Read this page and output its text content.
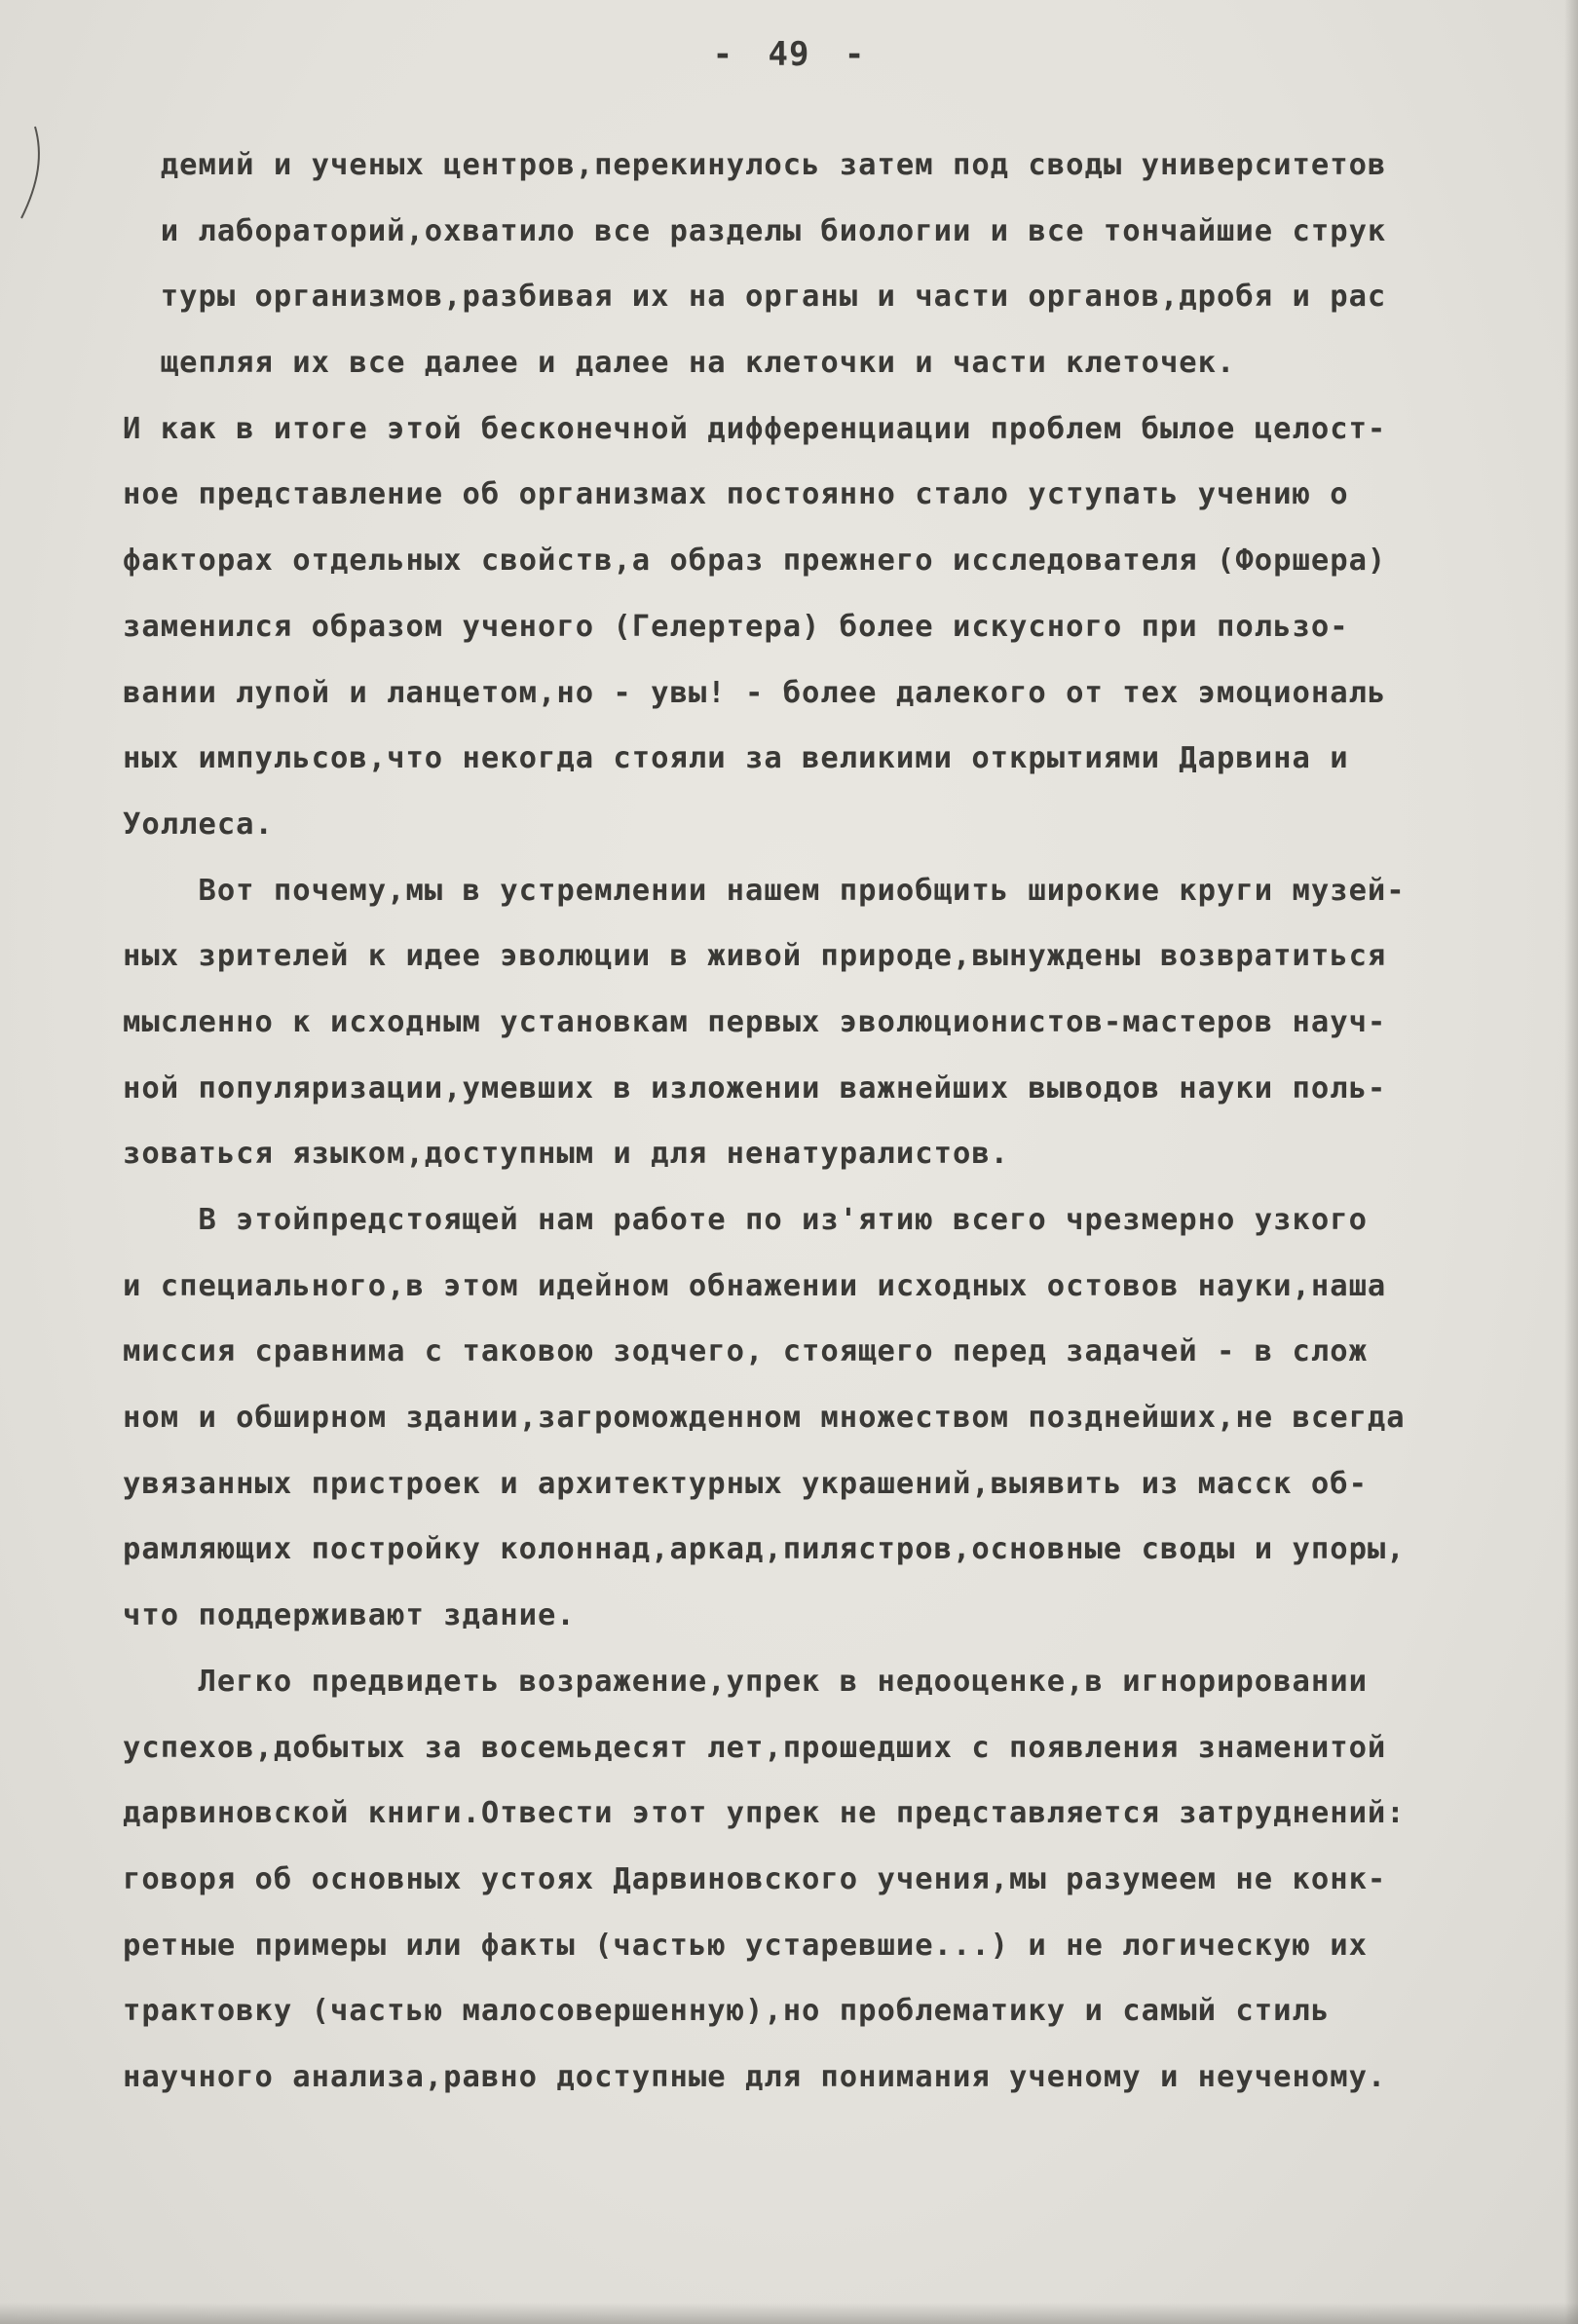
- 49 -
демий и ученых центров,перекинулось затем под своды университетов
и лабораторий,охватило все разделы биологии и все тончайшие струк
туры организмов,разбивая их на органы и части органов,дробя и рас
щепляя их все далее и далее на клеточки и части клеточек.
И как в итоге этой бесконечной дифференциации проблем былое целост-
ное представление об организмах постоянно стало уступать учению о
факторах отдельных свойств,а образ прежнего исследователя (Форшера)
заменился образом ученого (Гелертера) более искусного при пользо-
вании лупой и ланцетом,но - увы! - более далекого от тех эмоциональ
ных импульсов,что некогда стояли за великими открытиями Дарвина и
Уоллеса.
Вот почему,мы в устремлении нашем приобщить широкие круги музей-
ных зрителей к идее эволюции в живой природе,вынуждены возвратиться
мысленно к исходным установкам первых эволюционистов-мастеров науч-
ной популяризации,умевших в изложении важнейших выводов науки поль-
зоваться языком,доступным и для ненатуралистов.
В этойпредстоящей нам работе по из'ятию всего чрезмерно узкого
и специального,в этом идейном обнажении исходных остовов науки,наша
миссия сравнима с таковою зодчего, стоящего перед задачей - в слож
ном и обширном здании,загроможденном множеством позднейших,не всегда
увязанных пристроек и архитектурных украшений,выявить из масск об-
рамляющих постройку колоннад,аркад,пилястров,основные своды и упоры,
что поддерживают здание.
Легко предвидеть возражение,упрек в недооценке,в игнорировании
успехов,добытых за восемьдесят лет,прошедших с появления знаменитой
дарвиновской книги.Отвести этот упрек не представляется затруднений:
говоря об основных устоях Дарвиновского учения,мы разумеем не конк-
ретные примеры или факты (частью устаревшие...) и не логическую их
трактовку (частью малосовершенную),но проблематику и самый стиль
научного анализа,равно доступные для понимания ученому и неученому.
